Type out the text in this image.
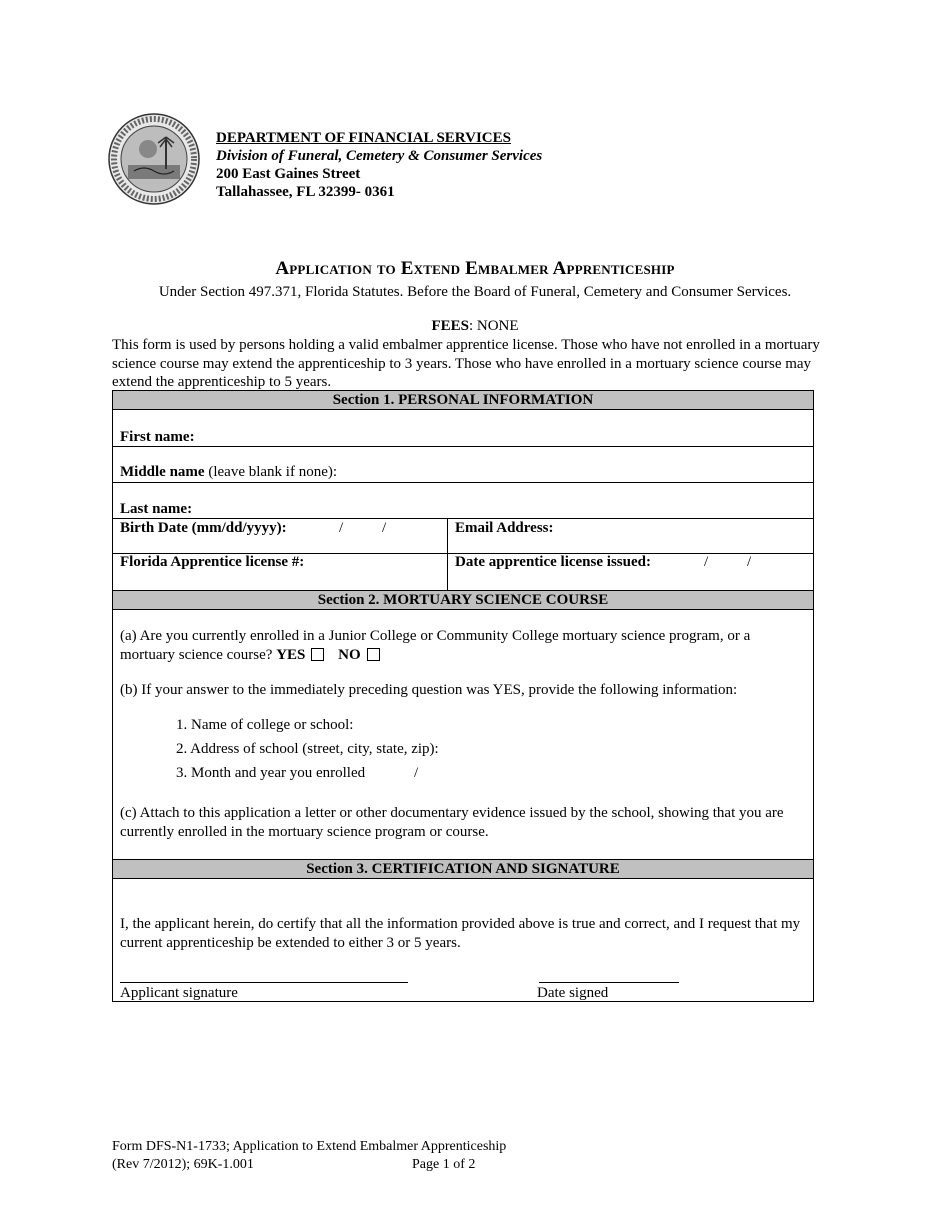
DEPARTMENT OF FINANCIAL SERVICES
Division of Funeral, Cemetery & Consumer Services
200 East Gaines Street
Tallahassee, FL 32399- 0361
Application to Extend Embalmer Apprenticeship
Under Section 497.371, Florida Statutes. Before the Board of Funeral, Cemetery and Consumer Services.
FEES: NONE
This form is used by persons holding a valid embalmer apprentice license. Those who have not enrolled in a mortuary science course may extend the apprenticeship to 3 years. Those who have enrolled in a mortuary science course may extend the apprenticeship to 5 years.
Section 1. PERSONAL INFORMATION
First name:
Middle name (leave blank if none):
Last name:
Birth Date (mm/dd/yyyy):	/	/	Email Address:
Florida Apprentice license #:	Date apprentice license issued:	/	/
Section 2. MORTUARY SCIENCE COURSE
(a) Are you currently enrolled in a Junior College or Community College mortuary science program, or a mortuary science course? YES NO
(b) If your answer to the immediately preceding question was YES, provide the following information:
1. Name of college or school:
2. Address of school (street, city, state, zip):
3. Month and year you enrolled	/
(c) Attach to this application a letter or other documentary evidence issued by the school, showing that you are currently enrolled in the mortuary science program or course.
Section 3. CERTIFICATION AND SIGNATURE
I, the applicant herein, do certify that all the information provided above is true and correct, and I request that my current apprenticeship be extended to either 3 or 5 years.
Applicant signature	Date signed
Form DFS-N1-1733; Application to Extend Embalmer Apprenticeship
(Rev 7/2012); 69K-1.001	Page 1 of 2
